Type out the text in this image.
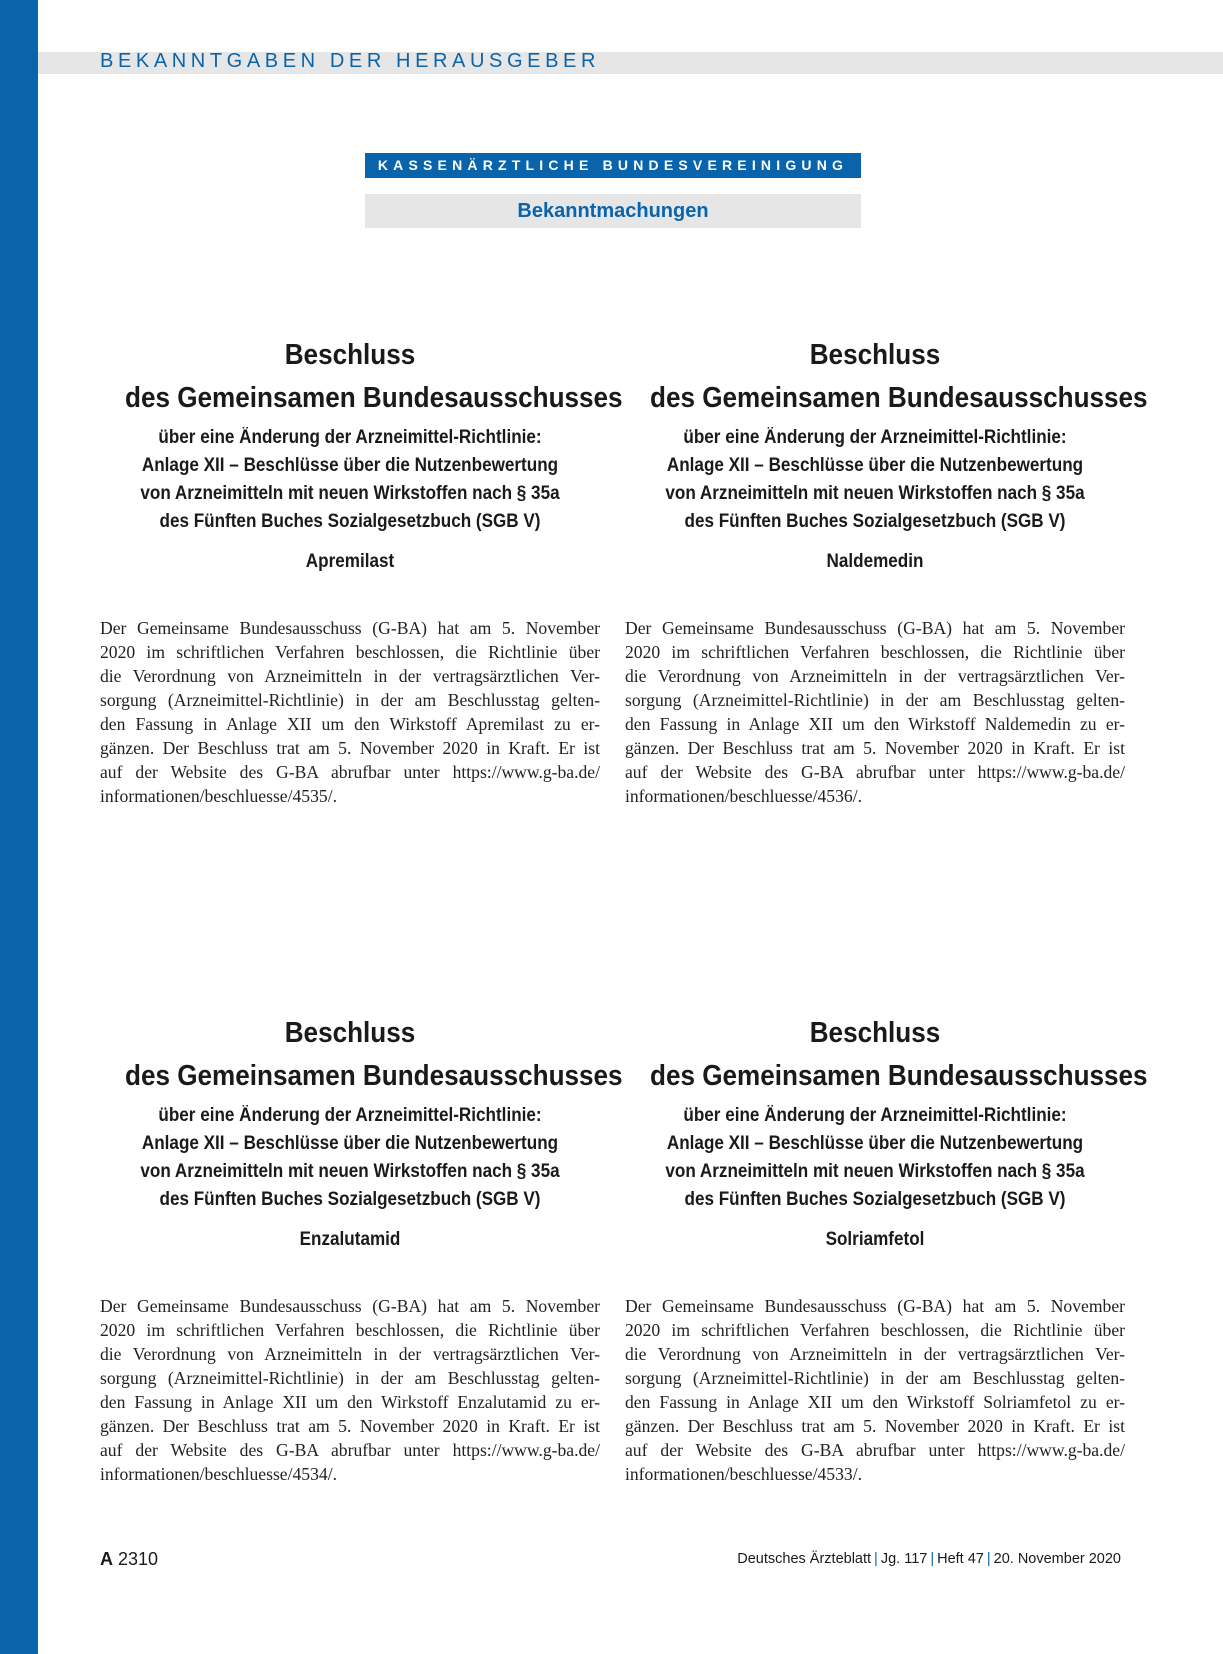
BEKANNTGABEN DER HERAUSGEBER
KASSENÄRZTLICHE BUNDESVEREINIGUNG
Bekanntmachungen
Beschluss
des Gemeinsamen Bundesausschusses
über eine Änderung der Arzneimittel-Richtlinie:
Anlage XII – Beschlüsse über die Nutzenbewertung
von Arzneimitteln mit neuen Wirkstoffen nach § 35a
des Fünften Buches Sozialgesetzbuch (SGB V)
Apremilast
Der Gemeinsame Bundesausschuss (G-BA) hat am 5. November
2020 im schriftlichen Verfahren beschlossen, die Richtlinie über
die Verordnung von Arzneimitteln in der vertragsärztlichen Ver-
sorgung (Arzneimittel-Richtlinie) in der am Beschlusstag gelten-
den Fassung in Anlage XII um den Wirkstoff Apremilast zu er-
gänzen. Der Beschluss trat am 5. November 2020 in Kraft. Er ist
auf der Website des G-BA abrufbar unter https://www.g-ba.de/
informationen/beschluesse/4535/.
Beschluss
des Gemeinsamen Bundesausschusses
über eine Änderung der Arzneimittel-Richtlinie:
Anlage XII – Beschlüsse über die Nutzenbewertung
von Arzneimitteln mit neuen Wirkstoffen nach § 35a
des Fünften Buches Sozialgesetzbuch (SGB V)
Naldemedin
Der Gemeinsame Bundesausschuss (G-BA) hat am 5. November
2020 im schriftlichen Verfahren beschlossen, die Richtlinie über
die Verordnung von Arzneimitteln in der vertragsärztlichen Ver-
sorgung (Arzneimittel-Richtlinie) in der am Beschlusstag gelten-
den Fassung in Anlage XII um den Wirkstoff Naldemedin zu er-
gänzen. Der Beschluss trat am 5. November 2020 in Kraft. Er ist
auf der Website des G-BA abrufbar unter https://www.g-ba.de/
informationen/beschluesse/4536/.
Beschluss
des Gemeinsamen Bundesausschusses
über eine Änderung der Arzneimittel-Richtlinie:
Anlage XII – Beschlüsse über die Nutzenbewertung
von Arzneimitteln mit neuen Wirkstoffen nach § 35a
des Fünften Buches Sozialgesetzbuch (SGB V)
Enzalutamid
Der Gemeinsame Bundesausschuss (G-BA) hat am 5. November
2020 im schriftlichen Verfahren beschlossen, die Richtlinie über
die Verordnung von Arzneimitteln in der vertragsärztlichen Ver-
sorgung (Arzneimittel-Richtlinie) in der am Beschlusstag gelten-
den Fassung in Anlage XII um den Wirkstoff Enzalutamid zu er-
gänzen. Der Beschluss trat am 5. November 2020 in Kraft. Er ist
auf der Website des G-BA abrufbar unter https://www.g-ba.de/
informationen/beschluesse/4534/.
Beschluss
des Gemeinsamen Bundesausschusses
über eine Änderung der Arzneimittel-Richtlinie:
Anlage XII – Beschlüsse über die Nutzenbewertung
von Arzneimitteln mit neuen Wirkstoffen nach § 35a
des Fünften Buches Sozialgesetzbuch (SGB V)
Solriamfetol
Der Gemeinsame Bundesausschuss (G-BA) hat am 5. November
2020 im schriftlichen Verfahren beschlossen, die Richtlinie über
die Verordnung von Arzneimitteln in der vertragsärztlichen Ver-
sorgung (Arzneimittel-Richtlinie) in der am Beschlusstag gelten-
den Fassung in Anlage XII um den Wirkstoff Solriamfetol zu er-
gänzen. Der Beschluss trat am 5. November 2020 in Kraft. Er ist
auf der Website des G-BA abrufbar unter https://www.g-ba.de/
informationen/beschluesse/4533/.
A 2310	Deutsches Ärzteblatt | Jg. 117 | Heft 47 | 20. November 2020
